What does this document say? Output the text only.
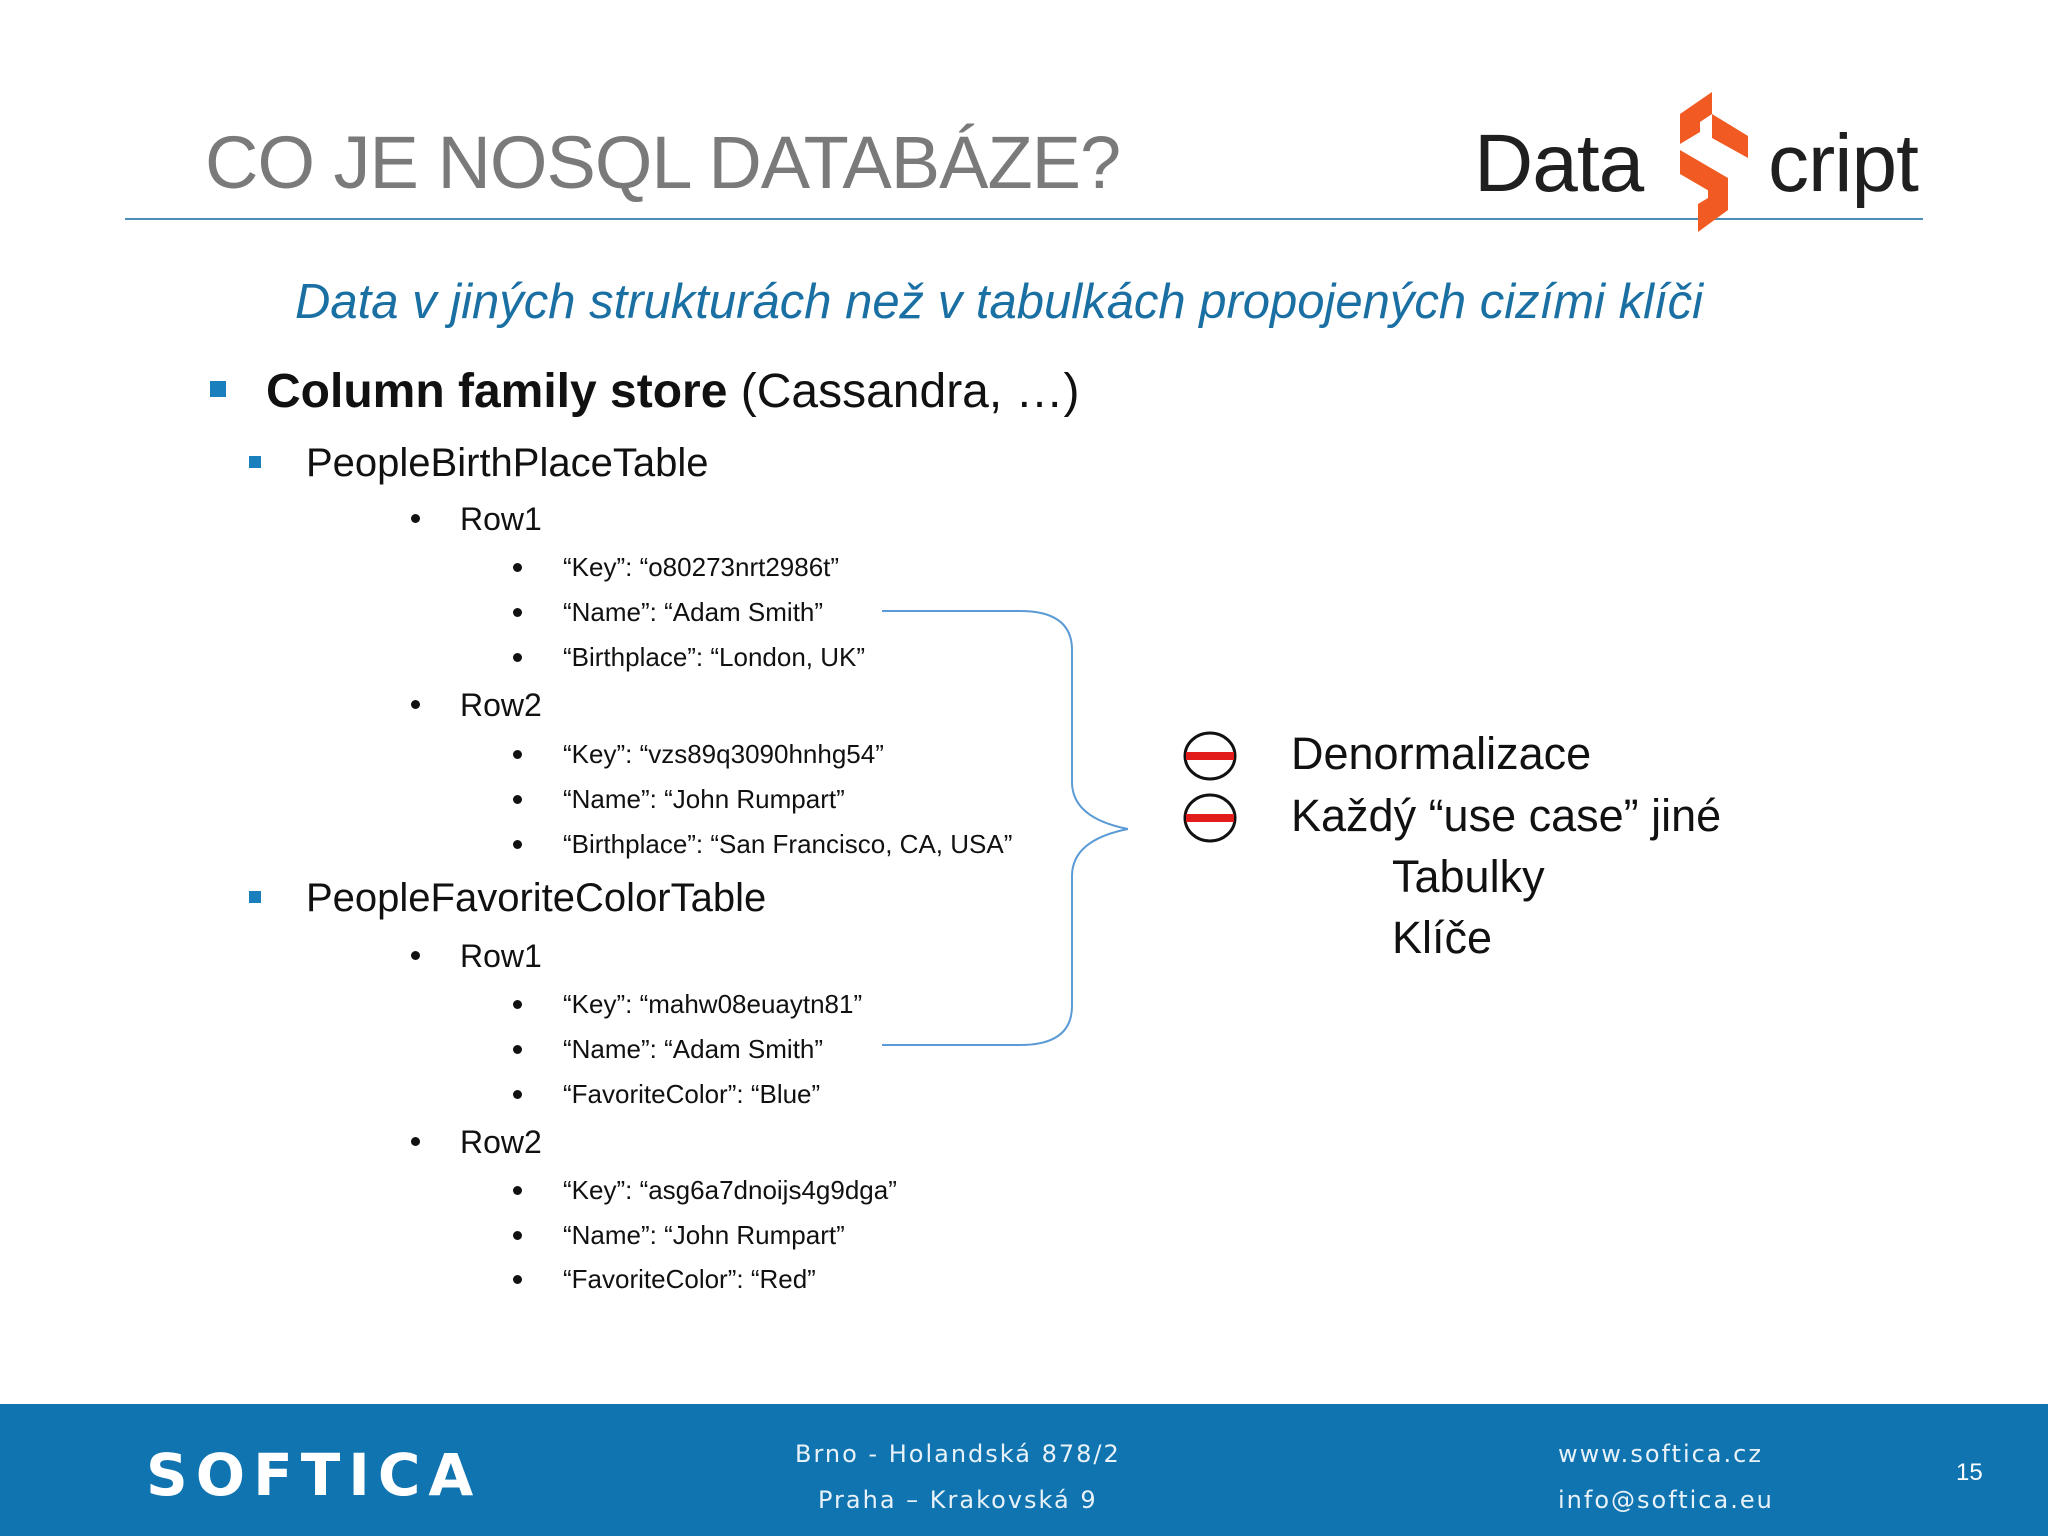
CO JE NOSQL DATABÁZE?	Data cript
Data v jiných strukturách než v tabulkách propojených cizími klíči
Column family store (Cassandra, …)
PeopleBirthPlaceTable
Row1
“Key”: “o80273nrt2986t”
“Name”: “Adam Smith”
“Birthplace”: “London, UK”
Row2
“Key”: “vzs89q3090hnhg54”
“Name”: “John Rumpart”
“Birthplace”: “San Francisco, CA, USA”
PeopleFavoriteColorTable
Row1
“Key”: “mahw08euaytn81”
“Name”: “Adam Smith”
“FavoriteColor”: “Blue”
Row2
“Key”: “asg6a7dnoijs4g9dga”
“Name”: “John Rumpart”
“FavoriteColor”: “Red”
Denormalizace
Každý “use case” jiné
Tabulky
Klíče
SOFTICA	Brno - Holandská 878/2
Praha – Krakovská 9
www.softica.cz
info@softica.eu
15
